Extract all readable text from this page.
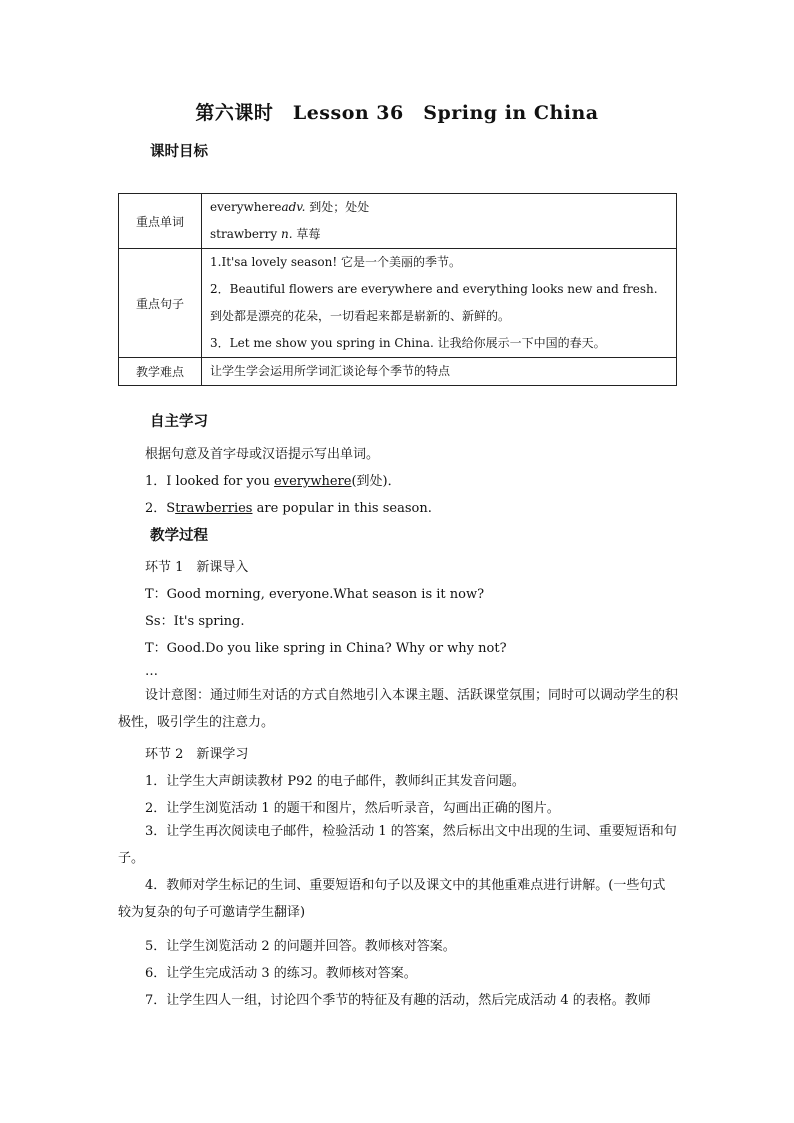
第六课时　Lesson 36　Spring in China
课时目标
重点单词	everywhereadv. 到处；处处
strawberry n. 草莓

重点句子	1.It'sa lovely season! 它是一个美丽的季节。
2．Beautiful flowers are everywhere and everything looks new and fresh.到处都是漂亮的花朵，一切看起来都是崭新的、新鲜的。
3．Let me show you spring in China. 让我给你展示一下中国的春天。

教学难点	让学生学会运用所学词汇谈论每个季节的特点
自主学习
根据句意及首字母或汉语提示写出单词。
1．I looked for you everywhere(到处)．
2．Strawberries are popular in this season.
教学过程
环节 1　新课导入
T：Good morning, everyone.What season is it now?
Ss：It's spring.
T：Good.Do you like spring in China? Why or why not?
…
设计意图：通过师生对话的方式自然地引入本课主题、活跃课堂氛围；同时可以调动学生的积极性，吸引学生的注意力。
环节 2　新课学习
1．让学生大声朗读教材 P92 的电子邮件，教师纠正其发音问题。
2．让学生浏览活动 1 的题干和图片，然后听录音，勾画出正确的图片。
3．让学生再次阅读电子邮件，检验活动 1 的答案，然后标出文中出现的生词、重要短语和句子。
4．教师对学生标记的生词、重要短语和句子以及课文中的其他重难点进行讲解。(一些句式较为复杂的句子可邀请学生翻译)
5．让学生浏览活动 2 的问题并回答。教师核对答案。
6．让学生完成活动 3 的练习。教师核对答案。
7．让学生四人一组，讨论四个季节的特征及有趣的活动，然后完成活动 4 的表格。教师
